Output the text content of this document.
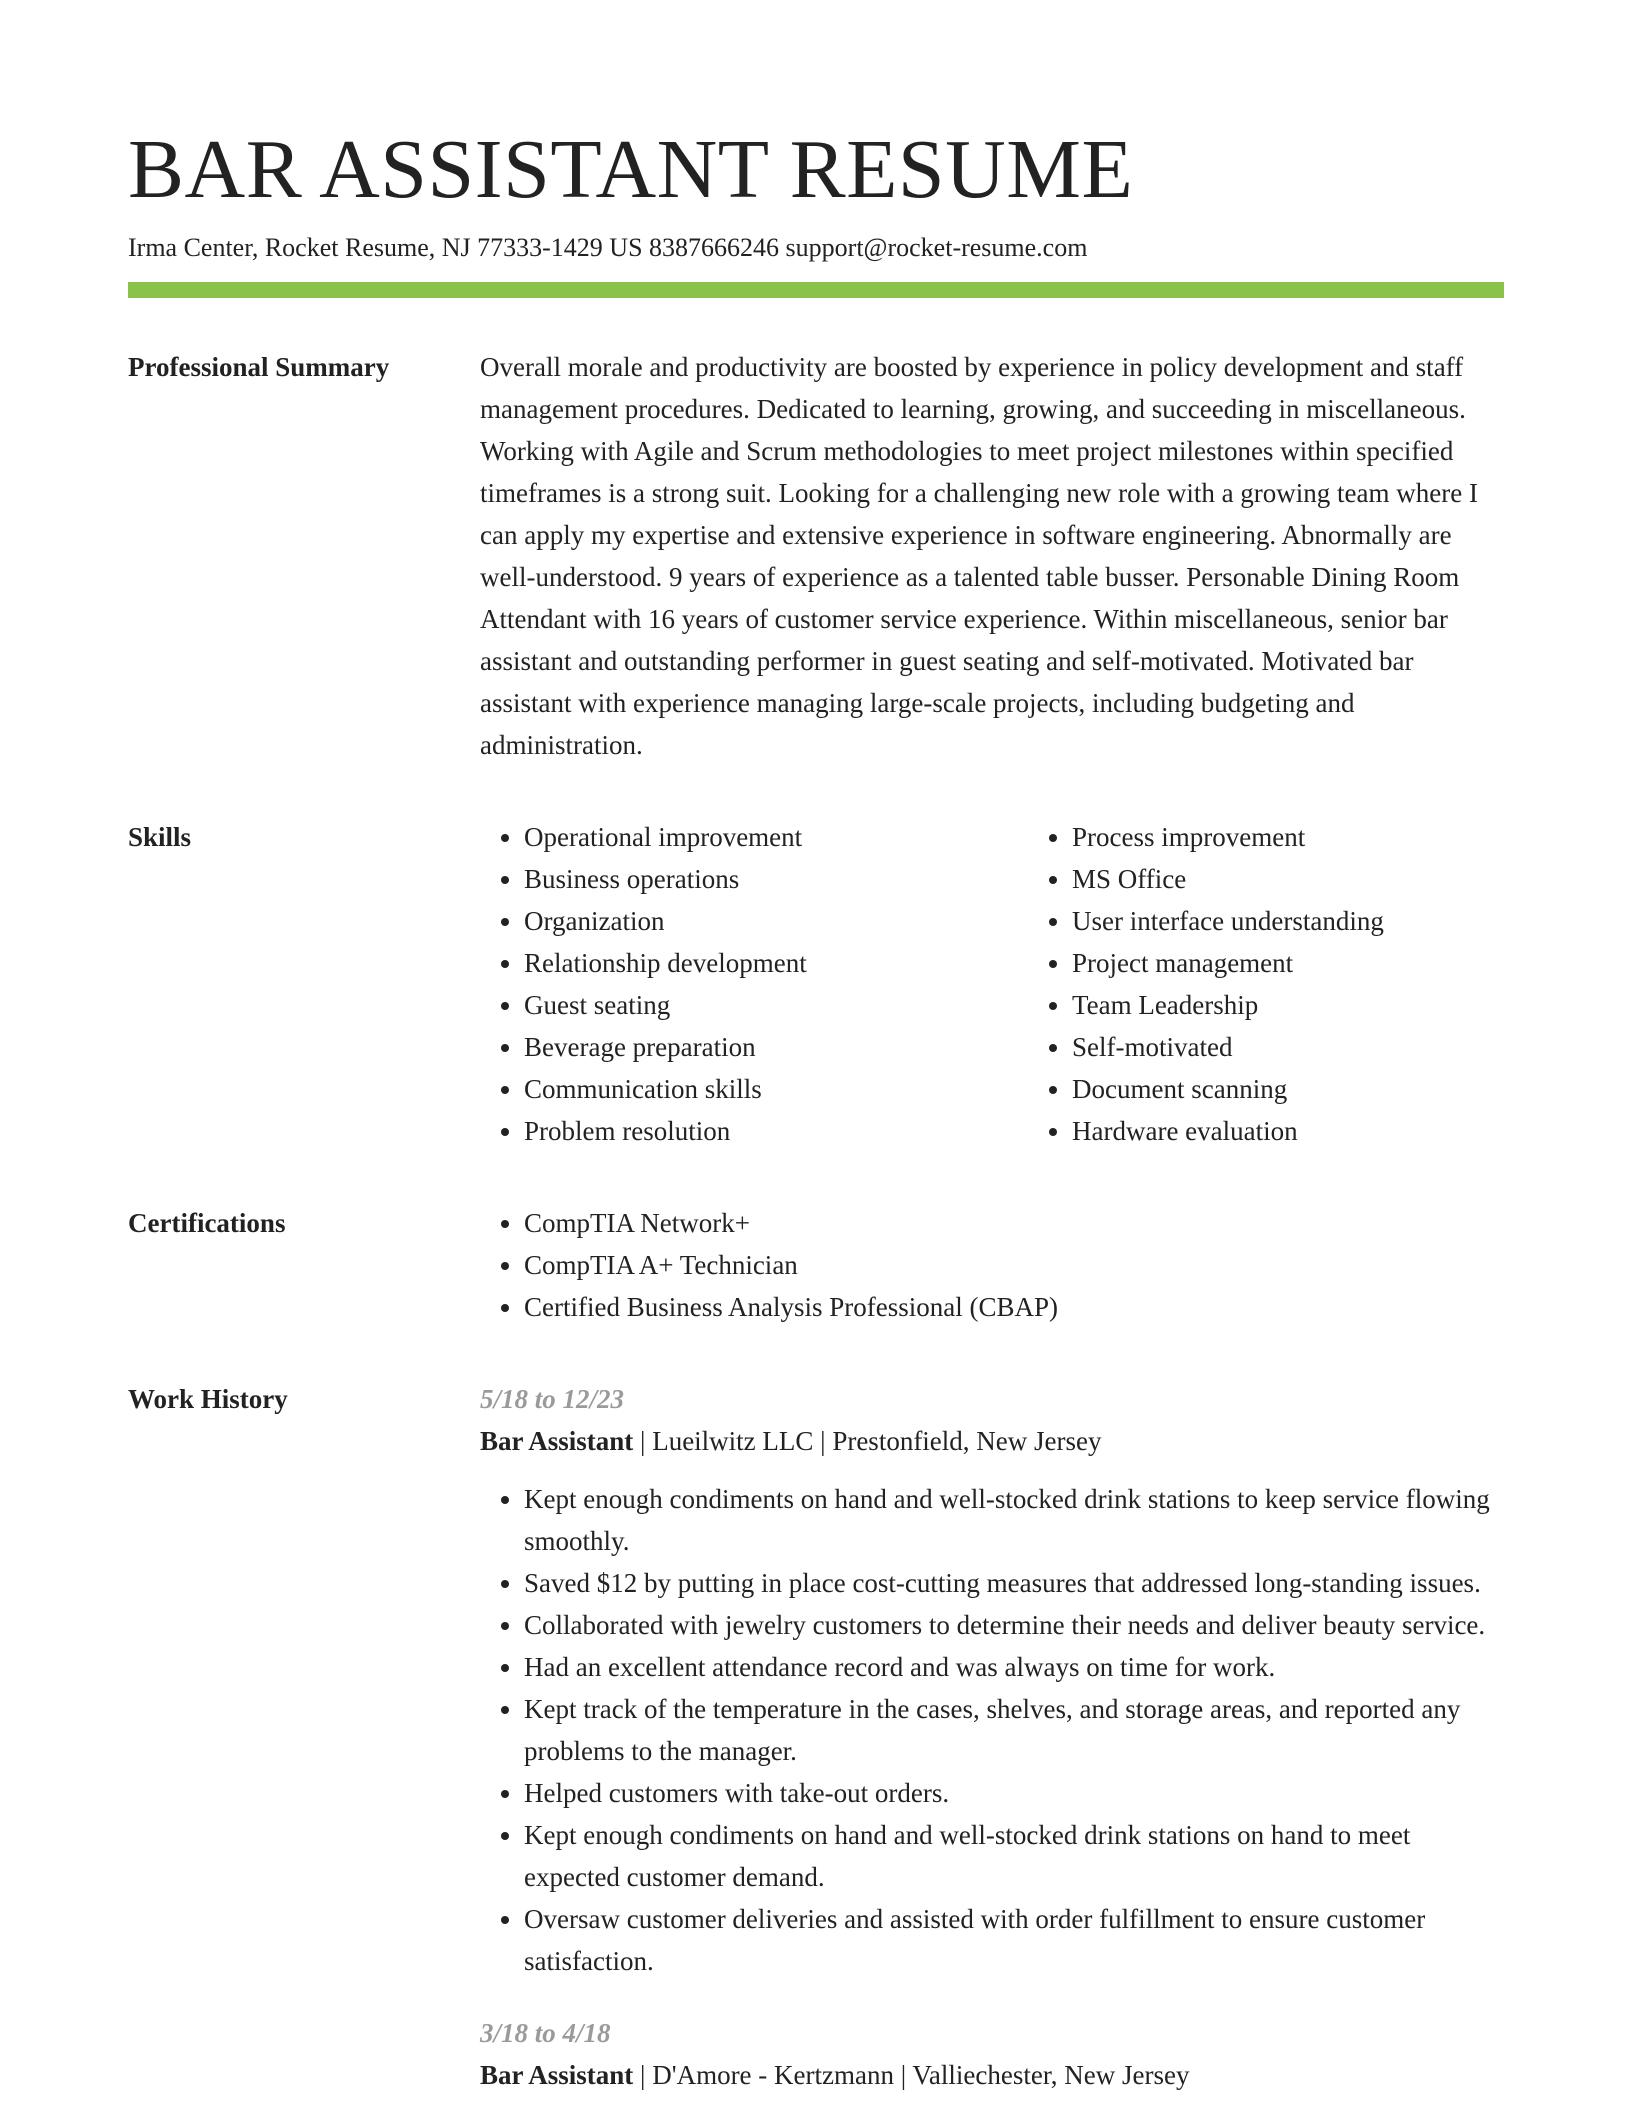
BAR ASSISTANT RESUME
Irma Center, Rocket Resume, NJ 77333-1429 US 8387666246 support@rocket-resume.com
Professional Summary	Overall morale and productivity are boosted by experience in policy development and staff management procedures. Dedicated to learning, growing, and succeeding in miscellaneous. Working with Agile and Scrum methodologies to meet project milestones within specified timeframes is a strong suit. Looking for a challenging new role with a growing team where I can apply my expertise and extensive experience in software engineering. Abnormally are well-understood. 9 years of experience as a talented table busser. Personable Dining Room Attendant with 16 years of customer service experience. Within miscellaneous, senior bar assistant and outstanding performer in guest seating and self-motivated. Motivated bar assistant with experience managing large-scale projects, including budgeting and administration.

Skills	• Operational improvement
• Business operations
• Organization
• Relationship development
• Guest seating
• Beverage preparation
• Communication skills
• Problem resolution
• Process improvement
• MS Office
• User interface understanding
• Project management
• Team Leadership
• Self-motivated
• Document scanning
• Hardware evaluation
Certifications	• CompTIA Network+
• CompTIA A+ Technician
• Certified Business Analysis Professional (CBAP)
Work History	5/18 to 12/23
Bar Assistant | Lueilwitz LLC | Prestonfield, New Jersey
• Kept enough condiments on hand and well-stocked drink stations to keep service flowing smoothly.
• Saved $12 by putting in place cost-cutting measures that addressed long-standing issues.
• Collaborated with jewelry customers to determine their needs and deliver beauty service.
• Had an excellent attendance record and was always on time for work.
• Kept track of the temperature in the cases, shelves, and storage areas, and reported any problems to the manager.
• Helped customers with take-out orders.
• Kept enough condiments on hand and well-stocked drink stations on hand to meet expected customer demand.
• Oversaw customer deliveries and assisted with order fulfillment to ensure customer satisfaction.
3/18 to 4/18
Bar Assistant | D'Amore - Kertzmann | Valliechester, New Jersey
